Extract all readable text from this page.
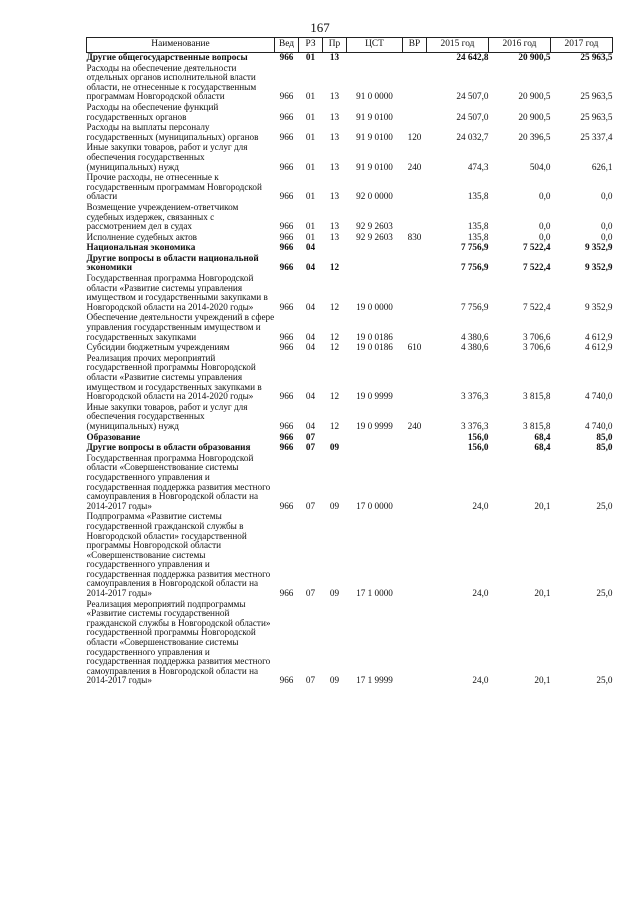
167
Наименование	Вед	РЗ	Пр	ЦСТ	ВР	2015 год	2016 год	2017 год
Другие общегосударственные вопросы	966	01	13			24 642,8	20 900,5	25 963,5
Расходы на обеспечение деятельности отдельных органов исполнительной власти области, не отнесенные к государственным программам Новгородской области	966	01	13	91 0 0000		24 507,0	20 900,5	25 963,5
Расходы на обеспечение функций государственных органов	966	01	13	91 9 0100		24 507,0	20 900,5	25 963,5
Расходы на выплаты персоналу государственных (муниципальных) органов	966	01	13	91 9 0100	120	24 032,7	20 396,5	25 337,4
Иные закупки товаров, работ и услуг для обеспечения государственных (муниципальных) нужд	966	01	13	91 9 0100	240	474,3	504,0	626,1
Прочие расходы, не отнесенные к государственным программам Новгородской области	966	01	13	92 0 0000		135,8	0,0	0,0
Возмещение учреждением-ответчиком судебных издержек, связанных с рассмотрением дел в судах	966	01	13	92 9 2603		135,8	0,0	0,0
Исполнение судебных актов	966	01	13	92 9 2603	830	135,8	0,0	0,0
Национальная экономика	966	04				7 756,9	7 522,4	9 352,9
Другие вопросы в области национальной экономики	966	04	12			7 756,9	7 522,4	9 352,9
Государственная программа Новгородской области «Развитие системы управления имуществом и государственными закупками в Новгородской области на 2014-2020 годы»	966	04	12	19 0 0000		7 756,9	7 522,4	9 352,9
Обеспечение деятельности учреждений в сфере управления государственным имуществом и государственных закупками	966	04	12	19 0 0186		4 380,6	3 706,6	4 612,9
Субсидии бюджетным учреждениям	966	04	12	19 0 0186	610	4 380,6	3 706,6	4 612,9
Реализация прочих мероприятий государственной программы Новгородской области «Развитие системы управления имуществом и государственных закупками в Новгородской области на 2014-2020 годы»	966	04	12	19 0 9999		3 376,3	3 815,8	4 740,0
Иные закупки товаров, работ и услуг для обеспечения государственных (муниципальных) нужд	966	04	12	19 0 9999	240	3 376,3	3 815,8	4 740,0
Образование	966	07				156,0	68,4	85,0
Другие вопросы в области образования	966	07	09			156,0	68,4	85,0
Государственная программа Новгородской области «Совершенствование системы государственного управления и государственная поддержка развития местного самоуправления в Новгородской области на 2014-2017 годы»	966	07	09	17 0 0000		24,0	20,1	25,0
Подпрограмма «Развитие системы государственной гражданской службы в Новгородской области» государственной программы Новгородской области «Совершенствование системы государственного управления и государственная поддержка развития местного самоуправления в Новгородской области на 2014-2017 годы»	966	07	09	17 1 0000		24,0	20,1	25,0
Реализация мероприятий подпрограммы «Развитие системы государственной гражданской службы в Новгородской области» государственной программы Новгородской области «Совершенствование системы государственного управления и государственная поддержка развития местного самоуправления в Новгородской области на 2014-2017 годы»	966	07	09	17 1 9999		24,0	20,1	25,0
